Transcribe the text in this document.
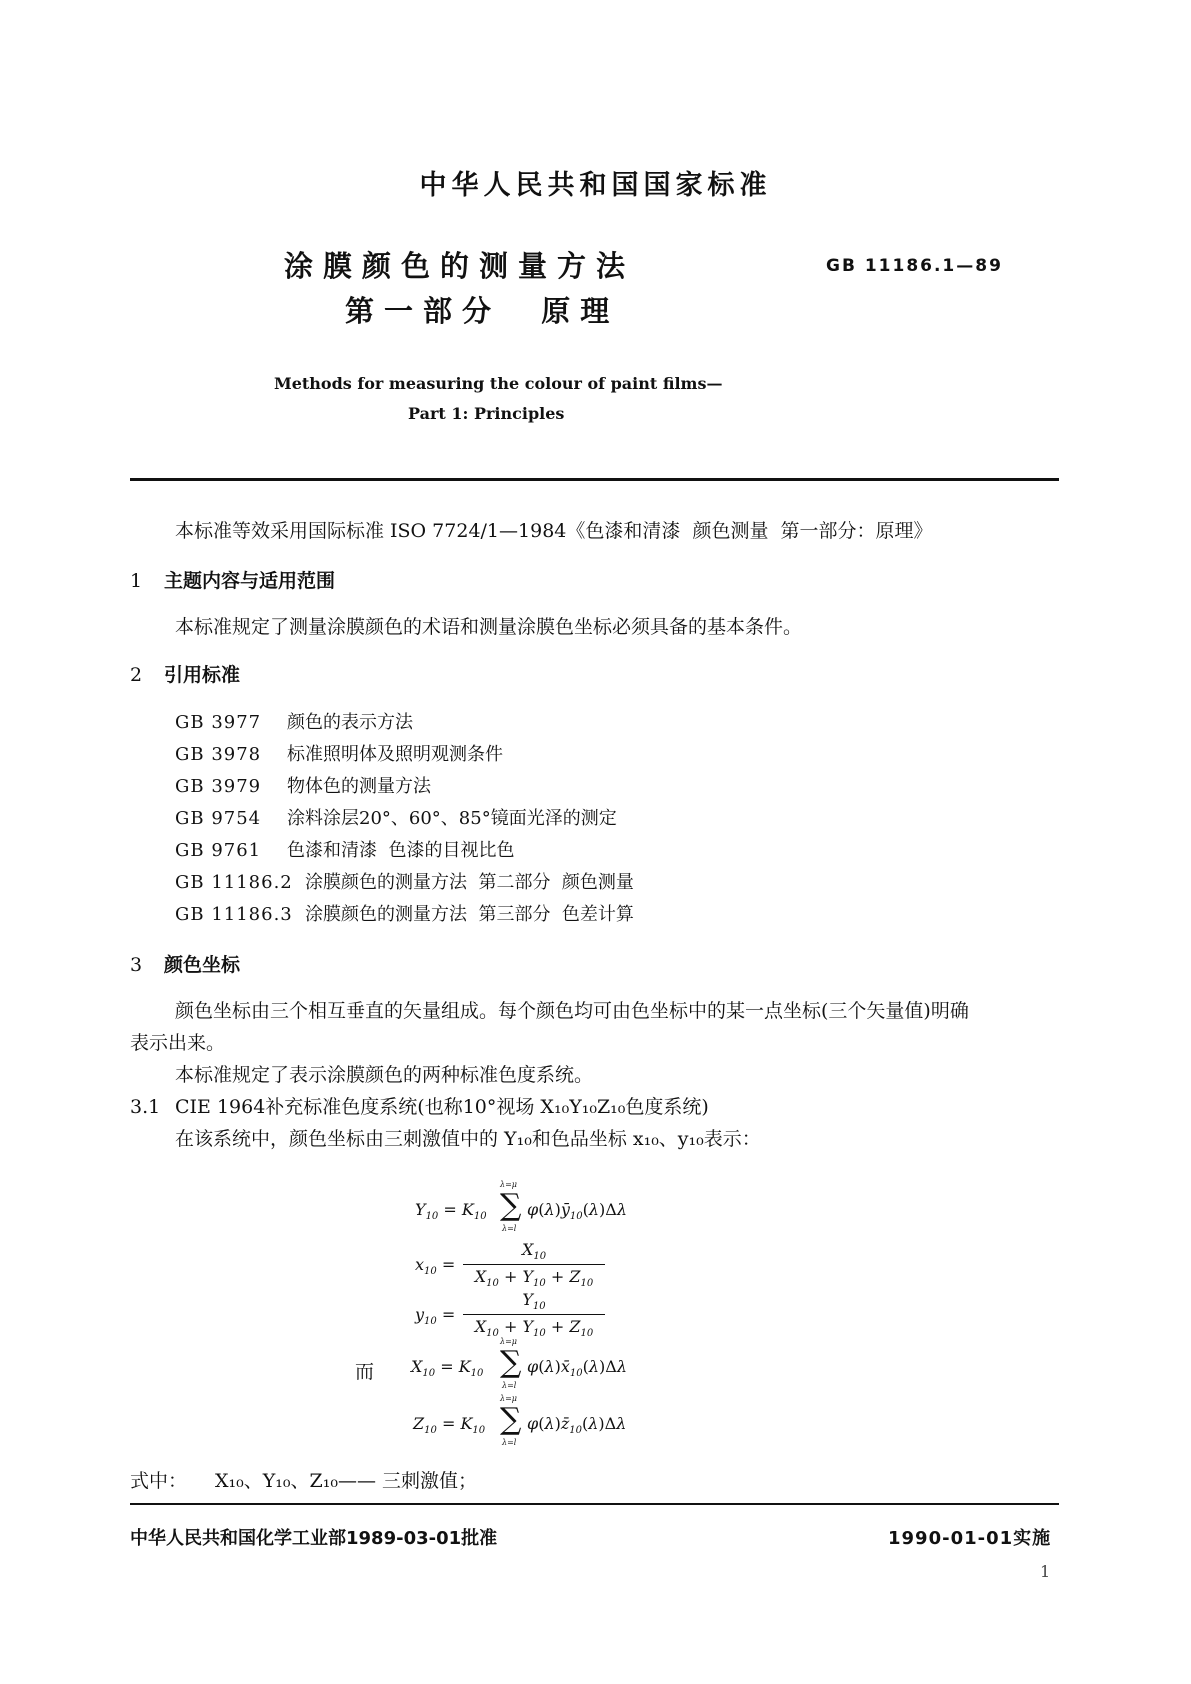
中华人民共和国国家标准
涂膜颜色的测量方法
第一部分  原理
GB 11186.1—89
Methods for measuring the colour of paint films—
Part 1: Principles
本标准等效采用国际标准 ISO 7724/1—1984《色漆和清漆  颜色测量  第一部分：原理》
1 主题内容与适用范围
本标准规定了测量涂膜颜色的术语和测量涂膜色坐标必须具备的基本条件。
2 引用标准
GB 3977 颜色的表示方法
GB 3978 标准照明体及照明观测条件
GB 3979 物体色的测量方法
GB 9754 涂料涂层20°、60°、85°镜面光泽的测定
GB 9761 色漆和清漆  色漆的目视比色
GB 11186.2 涂膜颜色的测量方法  第二部分  颜色测量
GB 11186.3 涂膜颜色的测量方法  第三部分  色差计算
3 颜色坐标
颜色坐标由三个相互垂直的矢量组成。每个颜色均可由色坐标中的某一点坐标(三个矢量值)明确
表示出来。
本标准规定了表示涂膜颜色的两种标准色度系统。
3.1 CIE 1964补充标准色度系统(也称10°视场 X₁₀Y₁₀Z₁₀色度系统)
在该系统中，颜色坐标由三刺激值中的 Y₁₀和色品坐标 x₁₀、y₁₀表示：
λ=μ
$Y_{10} = K_{10}$ ∑ $\varphi(\lambda)ȳ_{10}(\lambda)\Delta\lambda$
λ=l
$x_{10}$ =
$X_{10}$
$X_{10} + Y_{10} + Z_{10}$
$y_{10}$ =
$Y_{10}$
$X_{10} + Y_{10} + Z_{10}$
而
λ=μ
$X_{10} = K_{10}$ ∑ $\varphi(\lambda)x̄_{10}(\lambda)\Delta\lambda$
λ=l
λ=μ
$Z_{10} = K_{10}$ ∑ $\varphi(\lambda)z̄_{10}(\lambda)\Delta\lambda$
λ=l
式中： X₁₀、Y₁₀、Z₁₀—— 三刺激值；
中华人民共和国化学工业部1989-03-01批准	1990-01-01实施
1
